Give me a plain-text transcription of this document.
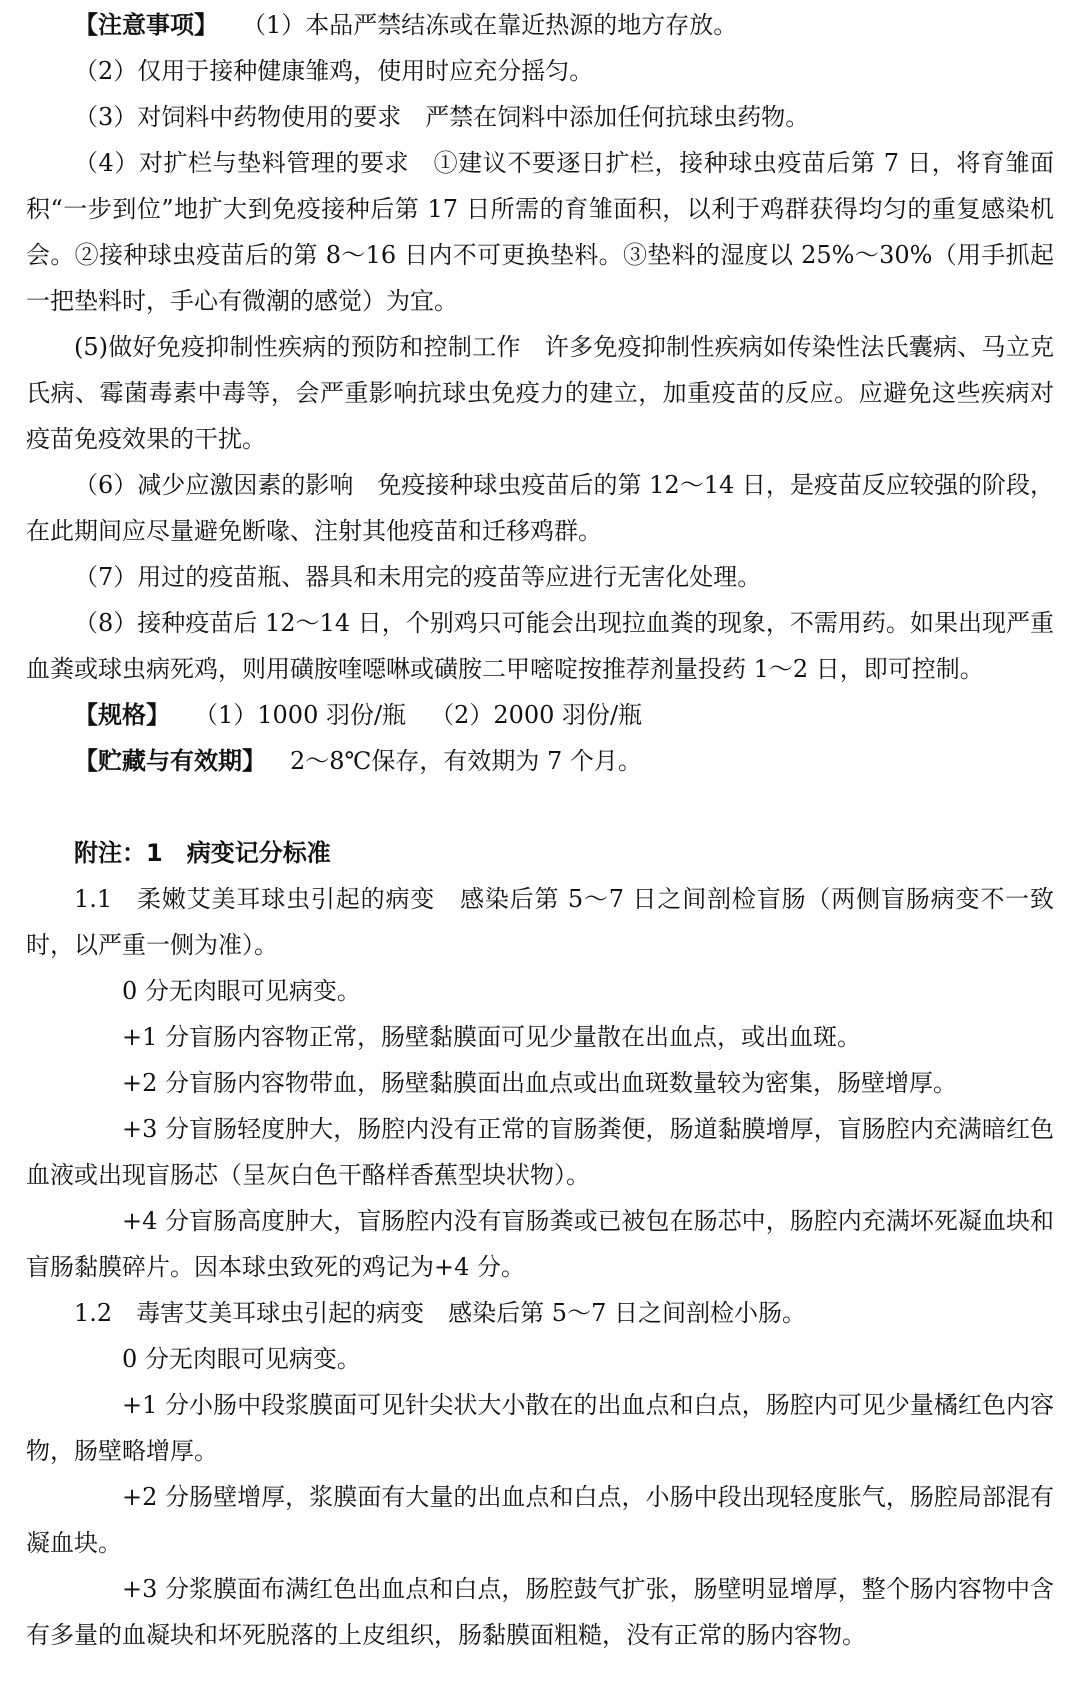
【注意事项】 （1）本品严禁结冻或在靠近热源的地方存放。

（2）仅用于接种健康雏鸡，使用时应充分摇匀。

（3）对饲料中药物使用的要求 严禁在饲料中添加任何抗球虫药物。

（4）对扩栏与垫料管理的要求 ①建议不要逐日扩栏，接种球虫疫苗后第 7 日，将育雏面积“一步到位”地扩大到免疫接种后第 17 日所需的育雏面积，以利于鸡群获得均匀的重复感染机会。②接种球虫疫苗后的第 8～16 日内不可更换垫料。③垫料的湿度以 25%～30%（用手抓起一把垫料时，手心有微潮的感觉）为宜。

(5)做好免疫抑制性疾病的预防和控制工作 许多免疫抑制性疾病如传染性法氏囊病、马立克氏病、霉菌毒素中毒等，会严重影响抗球虫免疫力的建立，加重疫苗的反应。应避免这些疾病对疫苗免疫效果的干扰。

（6）减少应激因素的影响 免疫接种球虫疫苗后的第 12～14 日，是疫苗反应较强的阶段，在此期间应尽量避免断喙、注射其他疫苗和迁移鸡群。

（7）用过的疫苗瓶、器具和未用完的疫苗等应进行无害化处理。

（8）接种疫苗后 12～14 日，个别鸡只可能会出现拉血粪的现象，不需用药。如果出现严重血粪或球虫病死鸡，则用磺胺喹噁啉或磺胺二甲嘧啶按推荐剂量投药 1～2 日，即可控制。

【规格】 （1）1000 羽份/瓶 （2）2000 羽份/瓶

【贮藏与有效期】 2～8℃保存，有效期为 7 个月。

附注：1 病变记分标准

1.1 柔嫩艾美耳球虫引起的病变 感染后第 5～7 日之间剖检盲肠（两侧盲肠病变不一致时，以严重一侧为准）。

0 分无肉眼可见病变。

+1 分盲肠内容物正常，肠壁黏膜面可见少量散在出血点，或出血斑。

+2 分盲肠内容物带血，肠壁黏膜面出血点或出血斑数量较为密集，肠壁增厚。

+3 分盲肠轻度肿大，肠腔内没有正常的盲肠粪便，肠道黏膜增厚，盲肠腔内充满暗红色血液或出现盲肠芯（呈灰白色干酪样香蕉型块状物）。

+4 分盲肠高度肿大，盲肠腔内没有盲肠粪或已被包在肠芯中，肠腔内充满坏死凝血块和盲肠黏膜碎片。因本球虫致死的鸡记为+4 分。

1.2 毒害艾美耳球虫引起的病变 感染后第 5～7 日之间剖检小肠。

0 分无肉眼可见病变。

+1 分小肠中段浆膜面可见针尖状大小散在的出血点和白点，肠腔内可见少量橘红色内容物，肠壁略增厚。

+2 分肠壁增厚，浆膜面有大量的出血点和白点，小肠中段出现轻度胀气，肠腔局部混有凝血块。

+3 分浆膜面布满红色出血点和白点，肠腔鼓气扩张，肠壁明显增厚，整个肠内容物中含有多量的血凝块和坏死脱落的上皮组织，肠黏膜面粗糙，没有正常的肠内容物。
